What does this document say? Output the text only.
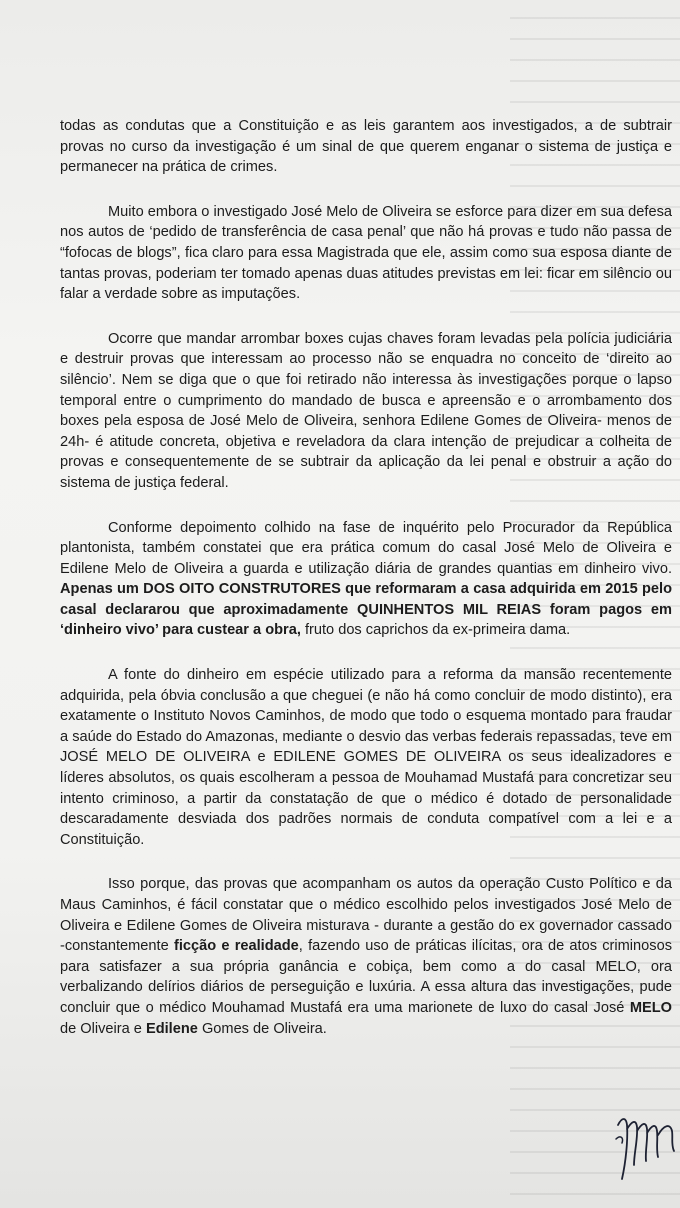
todas as condutas que a Constituição e as leis garantem aos investigados, a de subtrair provas no curso da investigação é um sinal de que querem enganar o sistema de justiça e permanecer na prática de crimes.

Muito embora o investigado José Melo de Oliveira se esforce para dizer em sua defesa nos autos de ‘pedido de transferência de casa penal’ que não há provas e tudo não passa de “fofocas de blogs”, fica claro para essa Magistrada que ele, assim como sua esposa diante de tantas provas, poderiam ter tomado apenas duas atitudes previstas em lei: ficar em silêncio ou falar a verdade sobre as imputações.

Ocorre que mandar arrombar boxes cujas chaves foram levadas pela polícia judiciária e destruir provas que interessam ao processo não se enquadra no conceito de ‘direito ao silêncio’. Nem se diga que o que foi retirado não interessa às investigações porque o lapso temporal entre o cumprimento do mandado de busca e apreensão e o arrombamento dos boxes pela esposa de José Melo de Oliveira, senhora Edilene Gomes de Oliveira- menos de 24h- é atitude concreta, objetiva e reveladora da clara intenção de prejudicar a colheita de provas e consequentemente de se subtrair da aplicação da lei penal e obstruir a ação do sistema de justiça federal.

Conforme depoimento colhido na fase de inquérito pelo Procurador da República plantonista, também constatei que era prática comum do casal José Melo de Oliveira e Edilene Melo de Oliveira a guarda e utilização diária de grandes quantias em dinheiro vivo. Apenas um DOS OITO CONSTRUTORES que reformaram a casa adquirida em 2015 pelo casal declararou que aproximadamente QUINHENTOS MIL REIAS foram pagos em ‘dinheiro vivo’ para custear a obra, fruto dos caprichos da ex-primeira dama.

A fonte do dinheiro em espécie utilizado para a reforma da mansão recentemente adquirida, pela óbvia conclusão a que cheguei (e não há como concluir de modo distinto), era exatamente o Instituto Novos Caminhos, de modo que todo o esquema montado para fraudar a saúde do Estado do Amazonas, mediante o desvio das verbas federais repassadas, teve em JOSÉ MELO DE OLIVEIRA e EDILENE GOMES DE OLIVEIRA os seus idealizadores e líderes absolutos, os quais escolheram a pessoa de Mouhamad Mustafá para concretizar seu intento criminoso, a partir da constatação de que o médico é dotado de personalidade descaradamente desviada dos padrões normais de conduta compatível com a lei e a Constituição.

Isso porque, das provas que acompanham os autos da operação Custo Político e da Maus Caminhos, é fácil constatar que o médico escolhido pelos investigados José Melo de Oliveira e Edilene Gomes de Oliveira misturava - durante a gestão do ex governador cassado -constantemente ficção e realidade, fazendo uso de práticas ilícitas, ora de atos criminosos para satisfazer a sua própria ganância e cobiça, bem como a do casal MELO, ora verbalizando delírios diários de perseguição e luxúria. A essa altura das investigações, pude concluir que o médico Mouhamad Mustafá era uma marionete de luxo do casal José MELO de Oliveira e Edilene Gomes de Oliveira.
